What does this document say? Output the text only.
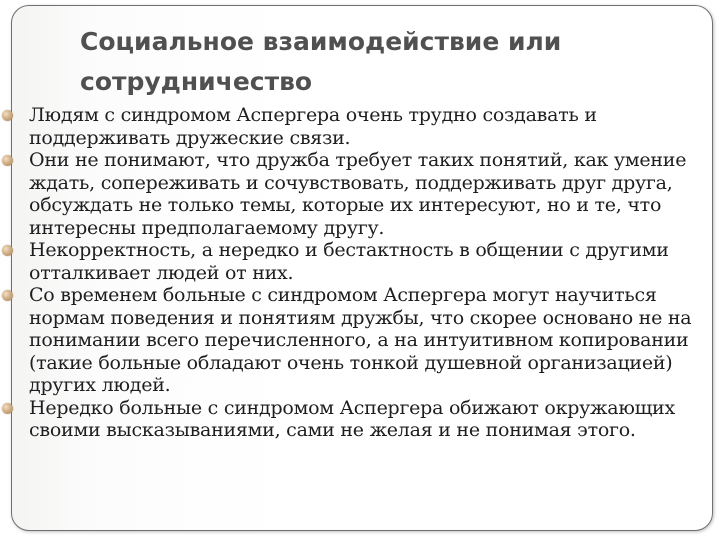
Социальное взаимодействие или сотрудничество
Людям с синдромом Аспергера очень трудно создавать и поддерживать дружеские связи.
Они не понимают, что дружба требует таких понятий, как умение ждать, сопереживать и сочувствовать, поддерживать друг друга, обсуждать не только темы, которые их интересуют, но и те, что интересны предполагаемому другу.
Некорректность, а нередко и бестактность в общении с другими отталкивает людей от них.
Со временем больные с синдромом Аспергера могут научиться нормам поведения и понятиям дружбы, что скорее основано не на понимании всего перечисленного, а на интуитивном копировании (такие больные обладают очень тонкой душевной организацией) других людей.
Нередко больные с синдромом Аспергера обижают окружающих своими высказываниями, сами не желая и не понимая этого.
